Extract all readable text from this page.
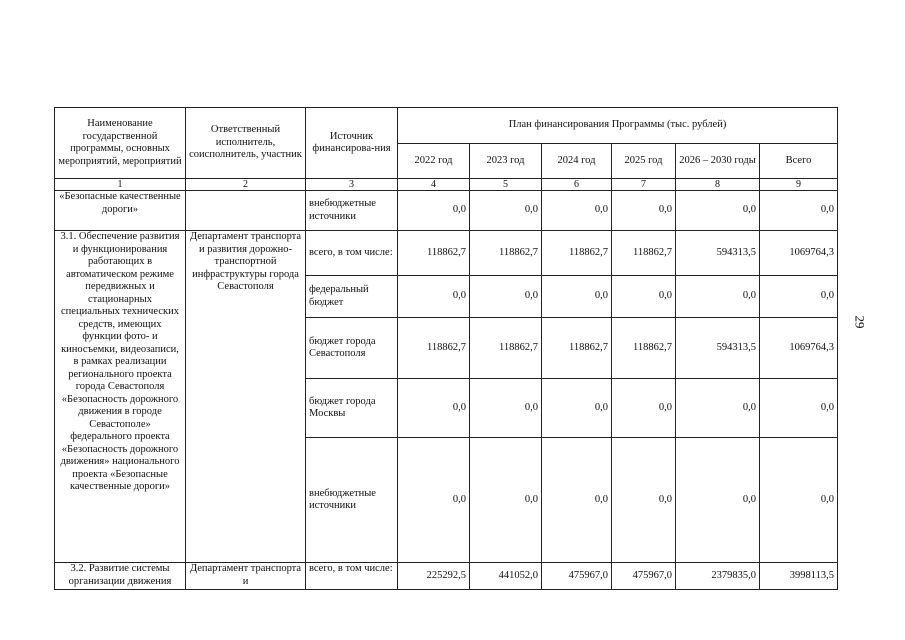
29
Наименование государственной программы, основных мероприятий, мероприятий	Ответственный исполнитель, соисполнитель, участник	Источник финансирова-ния	План финансирования Программы (тыс. рублей)					
			2022 год	2023 год	2024 год	2025 год	2026 – 2030 годы	Всего
1	2	3	4	5	6	7	8	9
«Безопасные качественные дороги»		внебюджетные источники	0,0	0,0	0,0	0,0	0,0	0,0
3.1. Обеспечение развития и функционирования работающих в автоматическом режиме передвижных и стационарных специальных технических средств, имеющих функции фото- и киносъемки, видеозаписи, в рамках реализации регионального проекта города Севастополя «Безопасность дорожного движения в городе Севастополе» федерального проекта «Безопасность дорожного движения» национального проекта «Безопасные качественные дороги»	Департамент транспорта и развития дорожно-транспортной инфраструктуры города Севастополя	всего, в том числе:	118862,7	118862,7	118862,7	118862,7	594313,5	1069764,3
		федеральный бюджет	0,0	0,0	0,0	0,0	0,0	0,0
		бюджет города Севастополя	118862,7	118862,7	118862,7	118862,7	594313,5	1069764,3
		бюджет города Москвы	0,0	0,0	0,0	0,0	0,0	0,0
		внебюджетные источники	0,0	0,0	0,0	0,0	0,0	0,0
3.2. Развитие системы организации движения	Департамент транспорта и	всего, в том числе:	225292,5	441052,0	475967,0	475967,0	2379835,0	3998113,5
